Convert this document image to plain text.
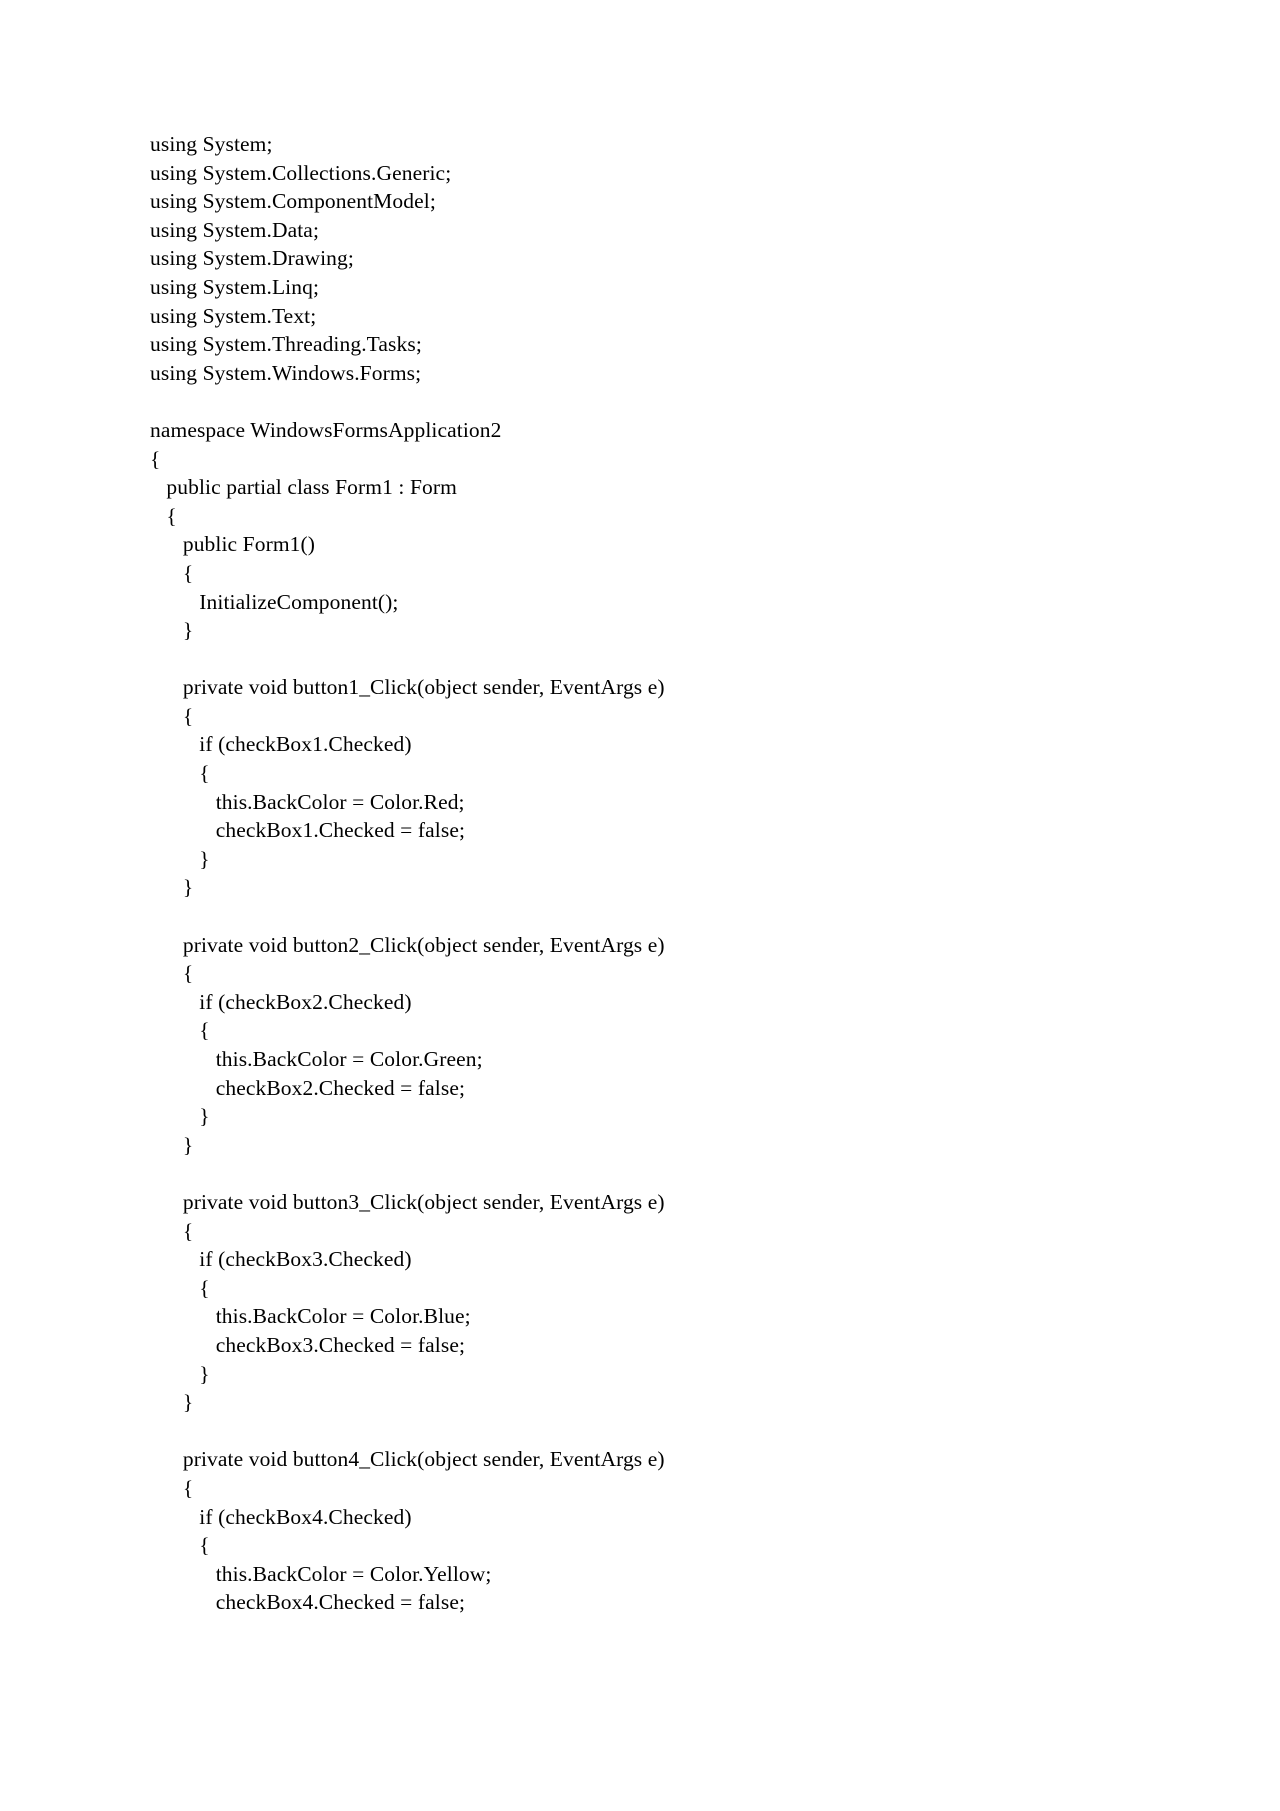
using System;
using System.Collections.Generic;
using System.ComponentModel;
using System.Data;
using System.Drawing;
using System.Linq;
using System.Text;
using System.Threading.Tasks;
using System.Windows.Forms;

namespace WindowsFormsApplication2
{
public partial class Form1 : Form
{
public Form1()
{
InitializeComponent();
}

private void button1_Click(object sender, EventArgs e)
{
if (checkBox1.Checked)
{
this.BackColor = Color.Red;
checkBox1.Checked = false;
}
}

private void button2_Click(object sender, EventArgs e)
{
if (checkBox2.Checked)
{
this.BackColor = Color.Green;
checkBox2.Checked = false;
}
}

private void button3_Click(object sender, EventArgs e)
{
if (checkBox3.Checked)
{
this.BackColor = Color.Blue;
checkBox3.Checked = false;
}
}

private void button4_Click(object sender, EventArgs e)
{
if (checkBox4.Checked)
{
this.BackColor = Color.Yellow;
checkBox4.Checked = false;
